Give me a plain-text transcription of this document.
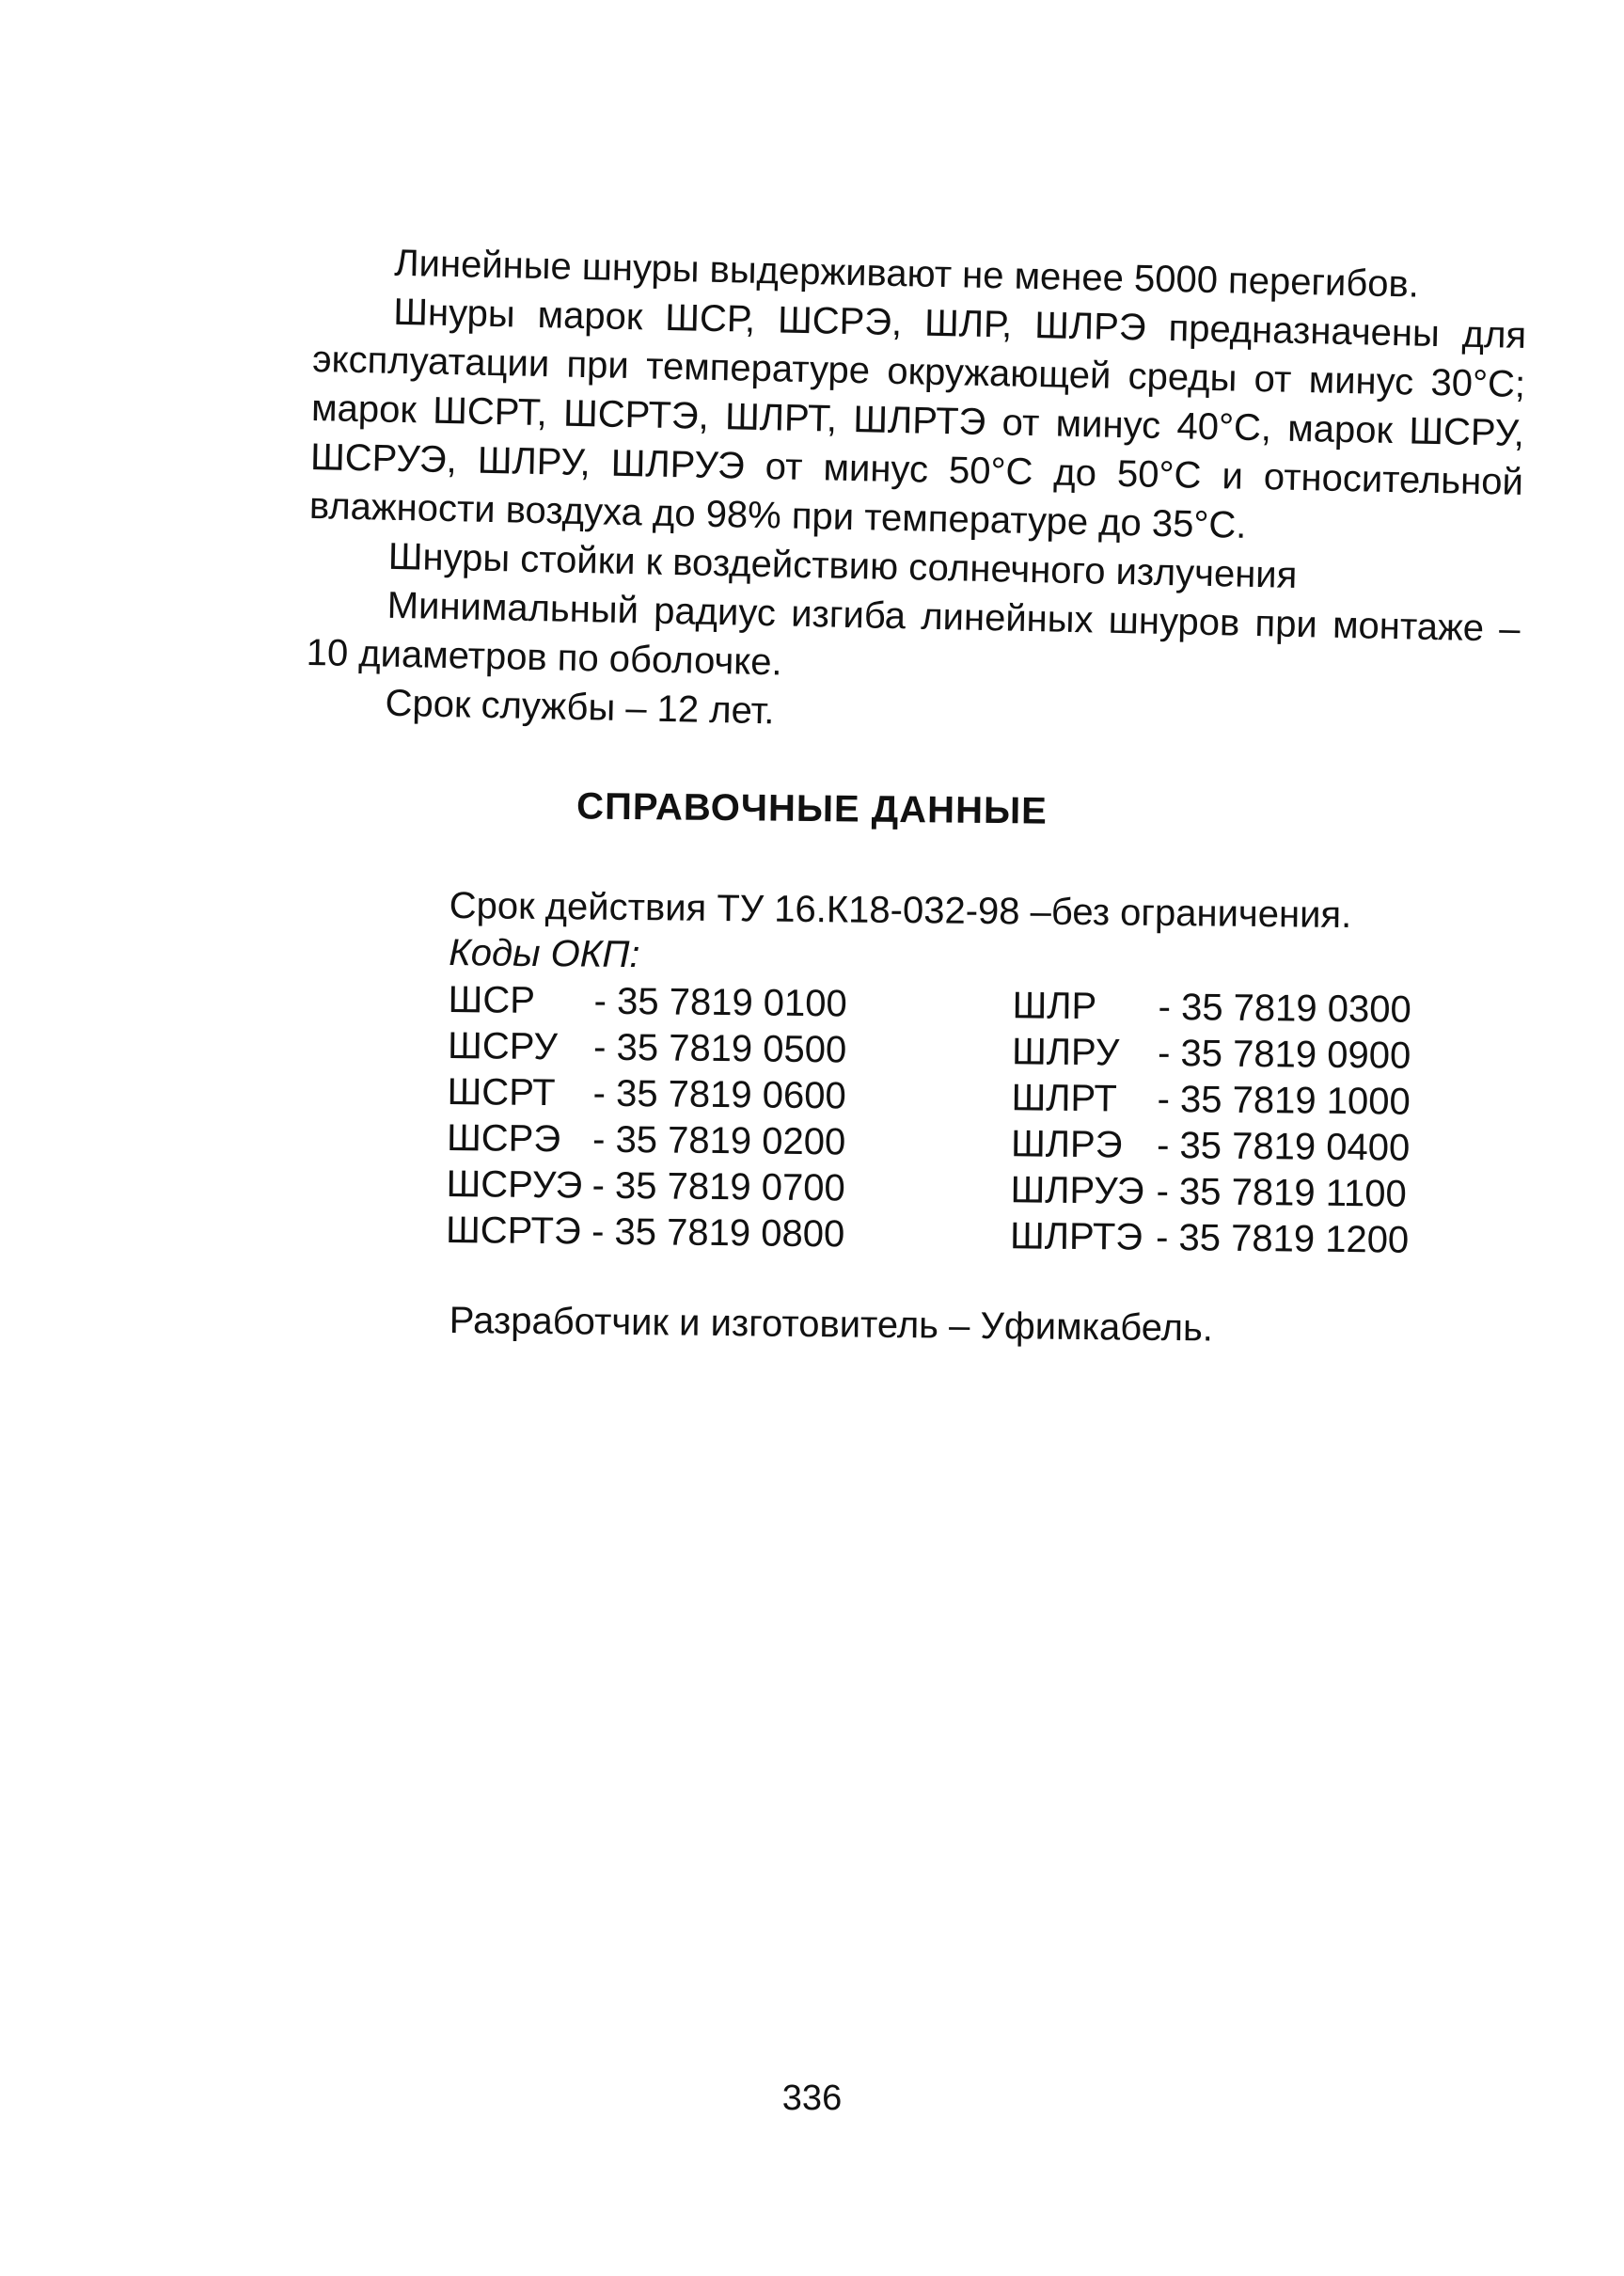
Линейные шнуры выдерживают не менее 5000 перегибов.

Шнуры марок ШСР, ШСРЭ, ШЛР, ШЛРЭ предназначены для эксплуатации при температуре окружающей среды от минус 30°С; марок ШСРТ, ШСРТЭ, ШЛРТ, ШЛРТЭ от минус 40°С, марок ШСРУ, ШСРУЭ, ШЛРУ, ШЛРУЭ от минус 50°С до 50°С и относительной влажности воздуха до 98% при температуре до 35°С.

Шнуры стойки к воздействию солнечного излучения

Минимальный радиус изгиба линейных шнуров при монтаже – 10 диаметров по оболочке.

Срок службы – 12 лет.

СПРАВОЧНЫЕ ДАННЫЕ

Срок действия ТУ 16.К18-032-98 –без ограничения.

Коды ОКП:

ШСР	- 35 7819 0100
ШСРУ - 35 7819 0500
ШСРТ - 35 7819 0600
ШСРЭ - 35 7819 0200
ШСРУЭ - 35 7819 0700
ШСРТЭ - 35 7819 0800
ШЛР	- 35 7819 0300
ШЛРУ	- 35 7819 0900
ШЛРТ	- 35 7819 1000
ШЛРЭ - 35 7819 0400
ШЛРУЭ - 35 7819 1100
ШЛРТЭ - 35 7819 1200
Разработчик и изготовитель – Уфимкабель.
336
